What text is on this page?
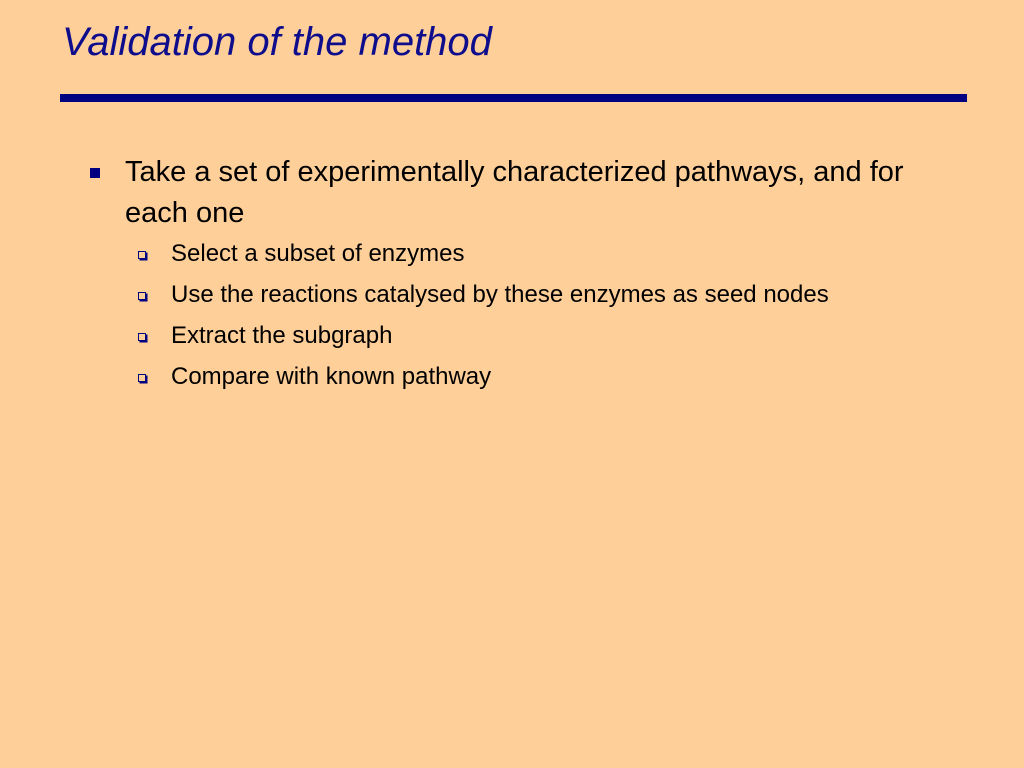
Validation of the method
Take a set of experimentally characterized pathways, and for each one
Select a subset of enzymes
Use the reactions catalysed by these enzymes as seed nodes
Extract the subgraph
Compare with known pathway
